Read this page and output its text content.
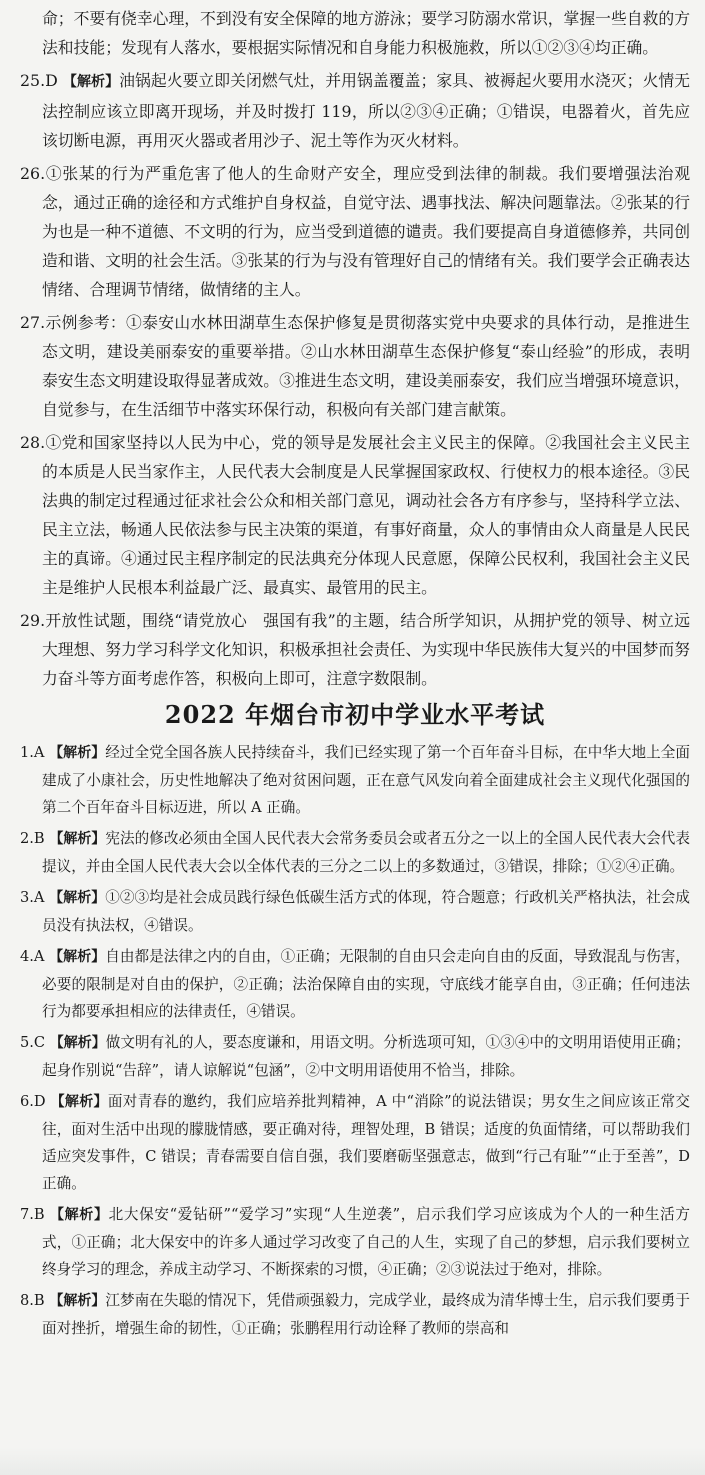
命；不要有侥幸心理，不到没有安全保障的地方游泳；要学习防溺水常识，掌握一些自救的方法和技能；发现有人落水，要根据实际情况和自身能力积极施救，所以①②③④均正确。

25.D 【解析】油锅起火要立即关闭燃气灶，并用锅盖覆盖；家具、被褥起火要用水浇灭；火情无法控制应该立即离开现场，并及时拨打 119，所以②③④正确；①错误，电器着火，首先应该切断电源，再用灭火器或者用沙子、泥土等作为灭火材料。

26.①张某的行为严重危害了他人的生命财产安全，理应受到法律的制裁。我们要增强法治观念，通过正确的途径和方式维护自身权益，自觉守法、遇事找法、解决问题靠法。②张某的行为也是一种不道德、不文明的行为，应当受到道德的谴责。我们要提高自身道德修养，共同创造和谐、文明的社会生活。③张某的行为与没有管理好自己的情绪有关。我们要学会正确表达情绪、合理调节情绪，做情绪的主人。

27.示例参考：①泰安山水林田湖草生态保护修复是贯彻落实党中央要求的具体行动，是推进生态文明，建设美丽泰安的重要举措。②山水林田湖草生态保护修复“泰山经验”的形成，表明泰安生态文明建设取得显著成效。③推进生态文明，建设美丽泰安，我们应当增强环境意识，自觉参与，在生活细节中落实环保行动，积极向有关部门建言献策。

28.①党和国家坚持以人民为中心，党的领导是发展社会主义民主的保障。②我国社会主义民主的本质是人民当家作主，人民代表大会制度是人民掌握国家政权、行使权力的根本途径。③民法典的制定过程通过征求社会公众和相关部门意见，调动社会各方有序参与，坚持科学立法、民主立法，畅通人民依法参与民主决策的渠道，有事好商量，众人的事情由众人商量是人民民主的真谛。④通过民主程序制定的民法典充分体现人民意愿，保障公民权利，我国社会主义民主是维护人民根本利益最广泛、最真实、最管用的民主。

29.开放性试题，围绕“请党放心　强国有我”的主题，结合所学知识，从拥护党的领导、树立远大理想、努力学习科学文化知识，积极承担社会责任、为实现中华民族伟大复兴的中国梦而努力奋斗等方面考虑作答，积极向上即可，注意字数限制。

2022 年烟台市初中学业水平考试

1.A 【解析】经过全党全国各族人民持续奋斗，我们已经实现了第一个百年奋斗目标，在中华大地上全面建成了小康社会，历史性地解决了绝对贫困问题，正在意气风发向着全面建成社会主义现代化强国的第二个百年奋斗目标迈进，所以 A 正确。

2.B 【解析】宪法的修改必须由全国人民代表大会常务委员会或者五分之一以上的全国人民代表大会代表提议，并由全国人民代表大会以全体代表的三分之二以上的多数通过，③错误，排除；①②④正确。

3.A 【解析】①②③均是社会成员践行绿色低碳生活方式的体现，符合题意；行政机关严格执法，社会成员没有执法权，④错误。

4.A 【解析】自由都是法律之内的自由，①正确；无限制的自由只会走向自由的反面，导致混乱与伤害，必要的限制是对自由的保护，②正确；法治保障自由的实现，守底线才能享自由，③正确；任何违法行为都要承担相应的法律责任，④错误。

5.C 【解析】做文明有礼的人，要态度谦和，用语文明。分析选项可知，①③④中的文明用语使用正确；起身作别说“告辞”，请人谅解说“包涵”，②中文明用语使用不恰当，排除。

6.D 【解析】面对青春的邀约，我们应培养批判精神，A 中“消除”的说法错误；男女生之间应该正常交往，面对生活中出现的朦胧情感，要正确对待，理智处理，B 错误；适度的负面情绪，可以帮助我们适应突发事件，C 错误；青春需要自信自强，我们要磨砺坚强意志，做到“行己有耻”“止于至善”，D 正确。

7.B 【解析】北大保安“爱钻研”“爱学习”实现“人生逆袭”，启示我们学习应该成为个人的一种生活方式，①正确；北大保安中的许多人通过学习改变了自己的人生，实现了自己的梦想，启示我们要树立终身学习的理念，养成主动学习、不断探索的习惯，④正确；②③说法过于绝对，排除。

8.B 【解析】江梦南在失聪的情况下，凭借顽强毅力，完成学业，最终成为清华博士生，启示我们要勇于面对挫折，增强生命的韧性，①正确；张鹏程用行动诠释了教师的崇高和
